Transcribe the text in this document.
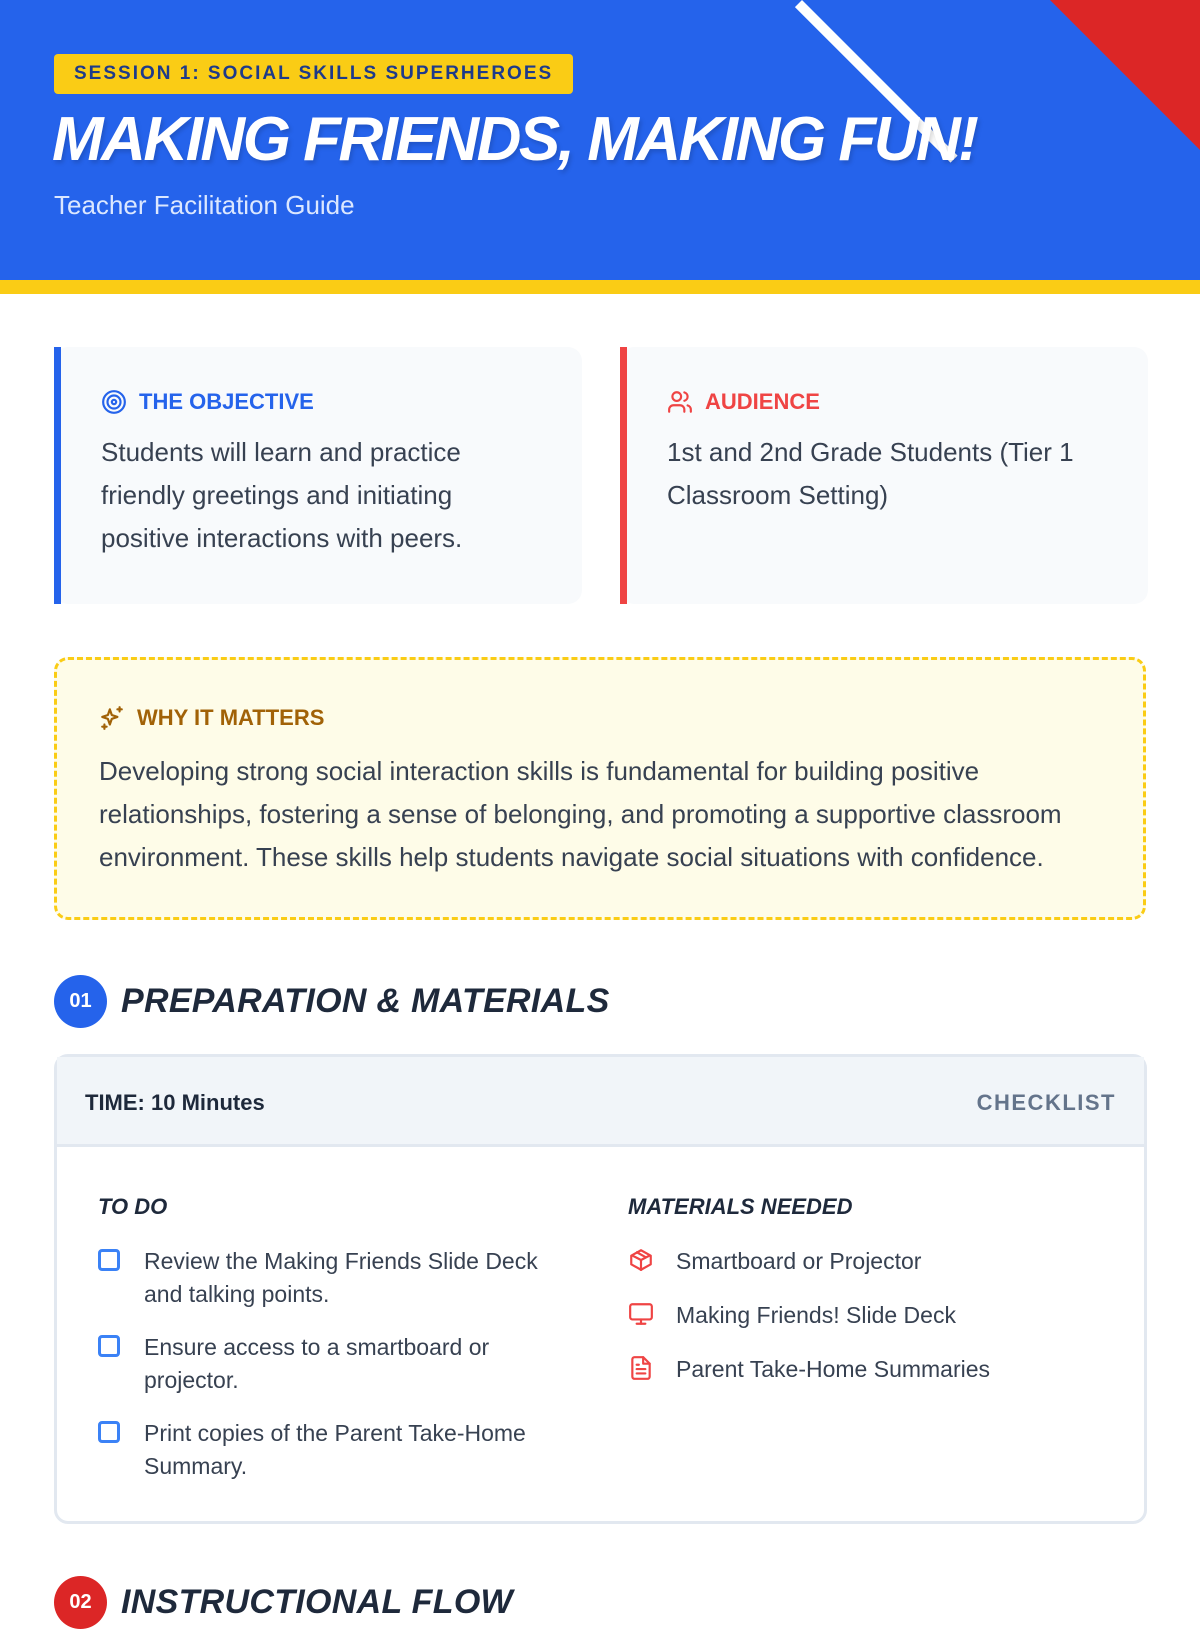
SESSION 1: SOCIAL SKILLS SUPERHEROES
MAKING FRIENDS, MAKING FUN!
Teacher Facilitation Guide
THE OBJECTIVE
Students will learn and practice friendly greetings and initiating positive interactions with peers.
AUDIENCE
1st and 2nd Grade Students (Tier 1 Classroom Setting)
WHY IT MATTERS
Developing strong social interaction skills is fundamental for building positive relationships, fostering a sense of belonging, and promoting a supportive classroom environment. These skills help students navigate social situations with confidence.
01 PREPARATION & MATERIALS
TIME: 10 Minutes	CHECKLIST
TO DO
Review the Making Friends Slide Deck and talking points.
Ensure access to a smartboard or projector.
Print copies of the Parent Take-Home Summary.
MATERIALS NEEDED
Smartboard or Projector
Making Friends! Slide Deck
Parent Take-Home Summaries
02 INSTRUCTIONAL FLOW
